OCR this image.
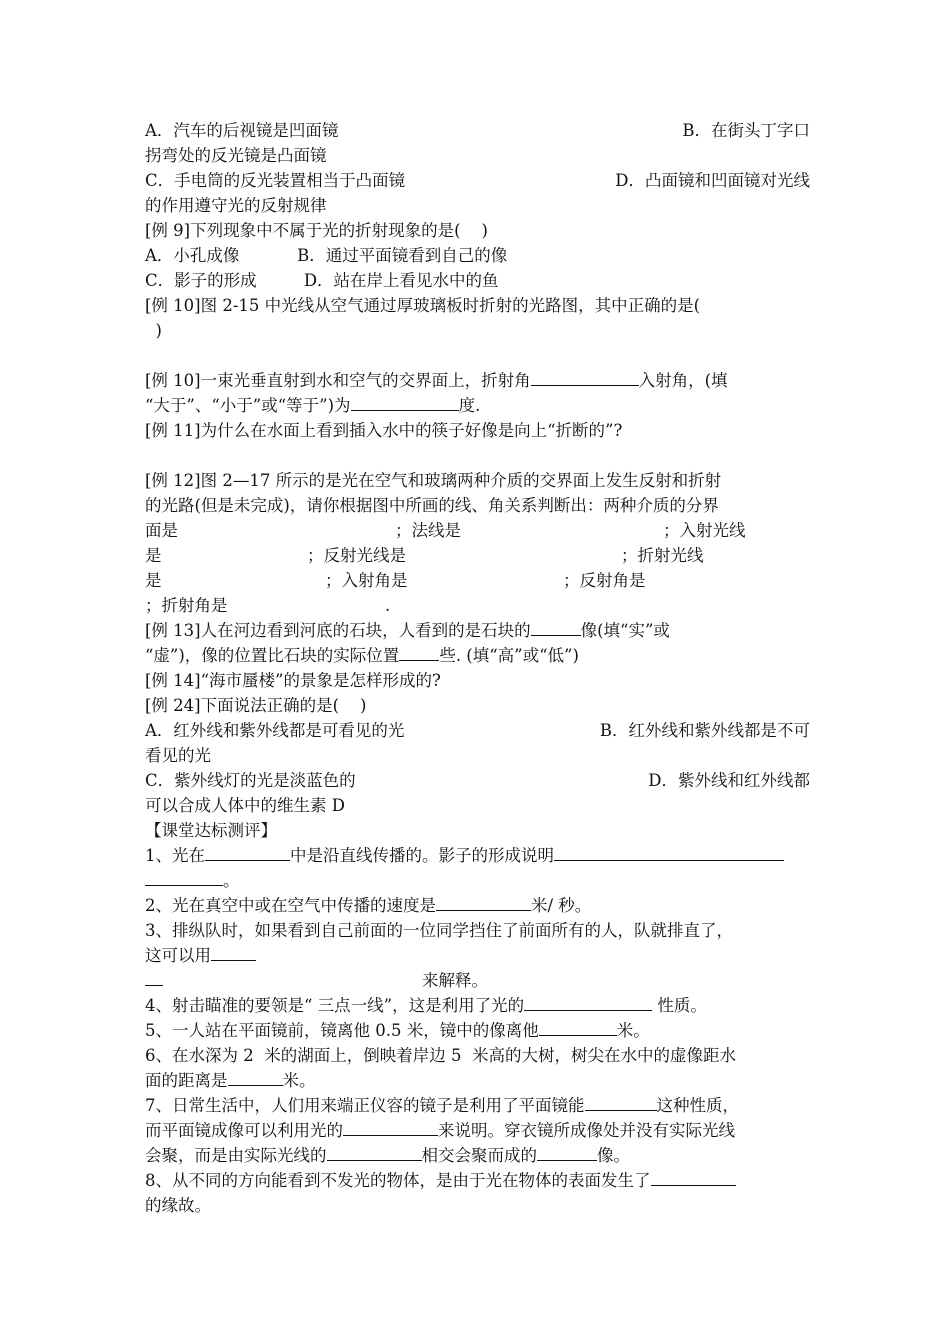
A．汽车的后视镜是凹面镜	B．在街头丁字口
拐弯处的反光镜是凸面镜
C．手电筒的反光装置相当于凸面镜	D．凸面镜和凹面镜对光线
的作用遵守光的反射规律
[例 9]下列现象中不属于光的折射现象的是(    )
A．小孔成像           B．通过平面镜看到自己的像
C．影子的形成         D．站在岸上看见水中的鱼
[例 10]图 2-15 中光线从空气通过厚玻璃板时折射的光路图，其中正确的是(
)
[例 10]一束光垂直射到水和空气的交界面上，折射角	入射角，(填
“大于”、“小于”或“等于”)为	度.
[例 11]为什么在水面上看到插入水中的筷子好像是向上“折断的”?
[例 12]图 2—17 所示的是光在空气和玻璃两种介质的交界面上发生反射和折射
的光路(但是未完成)，请你根据图中所画的线、角关系判断出：两种介质的分界
面是	；法线是	；入射光线
是	；反射光线是	；折射光线
是	；入射角是	；反射角是
；折射角是	.
[例 13]人在河边看到河底的石块，人看到的是石块的	像(填“实”或
“虚”)，像的位置比石块的实际位置 些. (填“高”或“低”)
[例 14]“海市蜃楼”的景象是怎样形成的?
[例 24]下面说法正确的是(    )
A．红外线和紫外线都是可看见的光	B．红外线和紫外线都是不可
看见的光
C．紫外线灯的光是淡蓝色的	D．紫外线和红外线都
可以合成人体中的维生素 D
【课堂达标测评】
1、光在	中是沿直线传播的。影子的形成说明
。
2、光在真空中或在空气中传播的速度是	米/ 秒。
3、排纵队时，如果看到自己前面的一位同学挡住了前面所有的人，队就排直了，
这可以用
来解释。
4、射击瞄准的要领是“ 三点一线”，这是利用了光的	性质。
5、一人站在平面镜前，镜离他 0.5 米，镜中的像离他	米。
6、在水深为 2  米的湖面上，倒映着岸边 5  米高的大树，树尖在水中的虚像距水
面的距离是	米。
7、日常生活中，人们用来端正仪容的镜子是利用了平面镜能	这种性质，
而平面镜成像可以利用光的	来说明。穿衣镜所成像处并没有实际光线
会聚，而是由实际光线的	相交会聚而成的	像。
8、从不同的方向能看到不发光的物体，是由于光在物体的表面发生了
的缘故。
